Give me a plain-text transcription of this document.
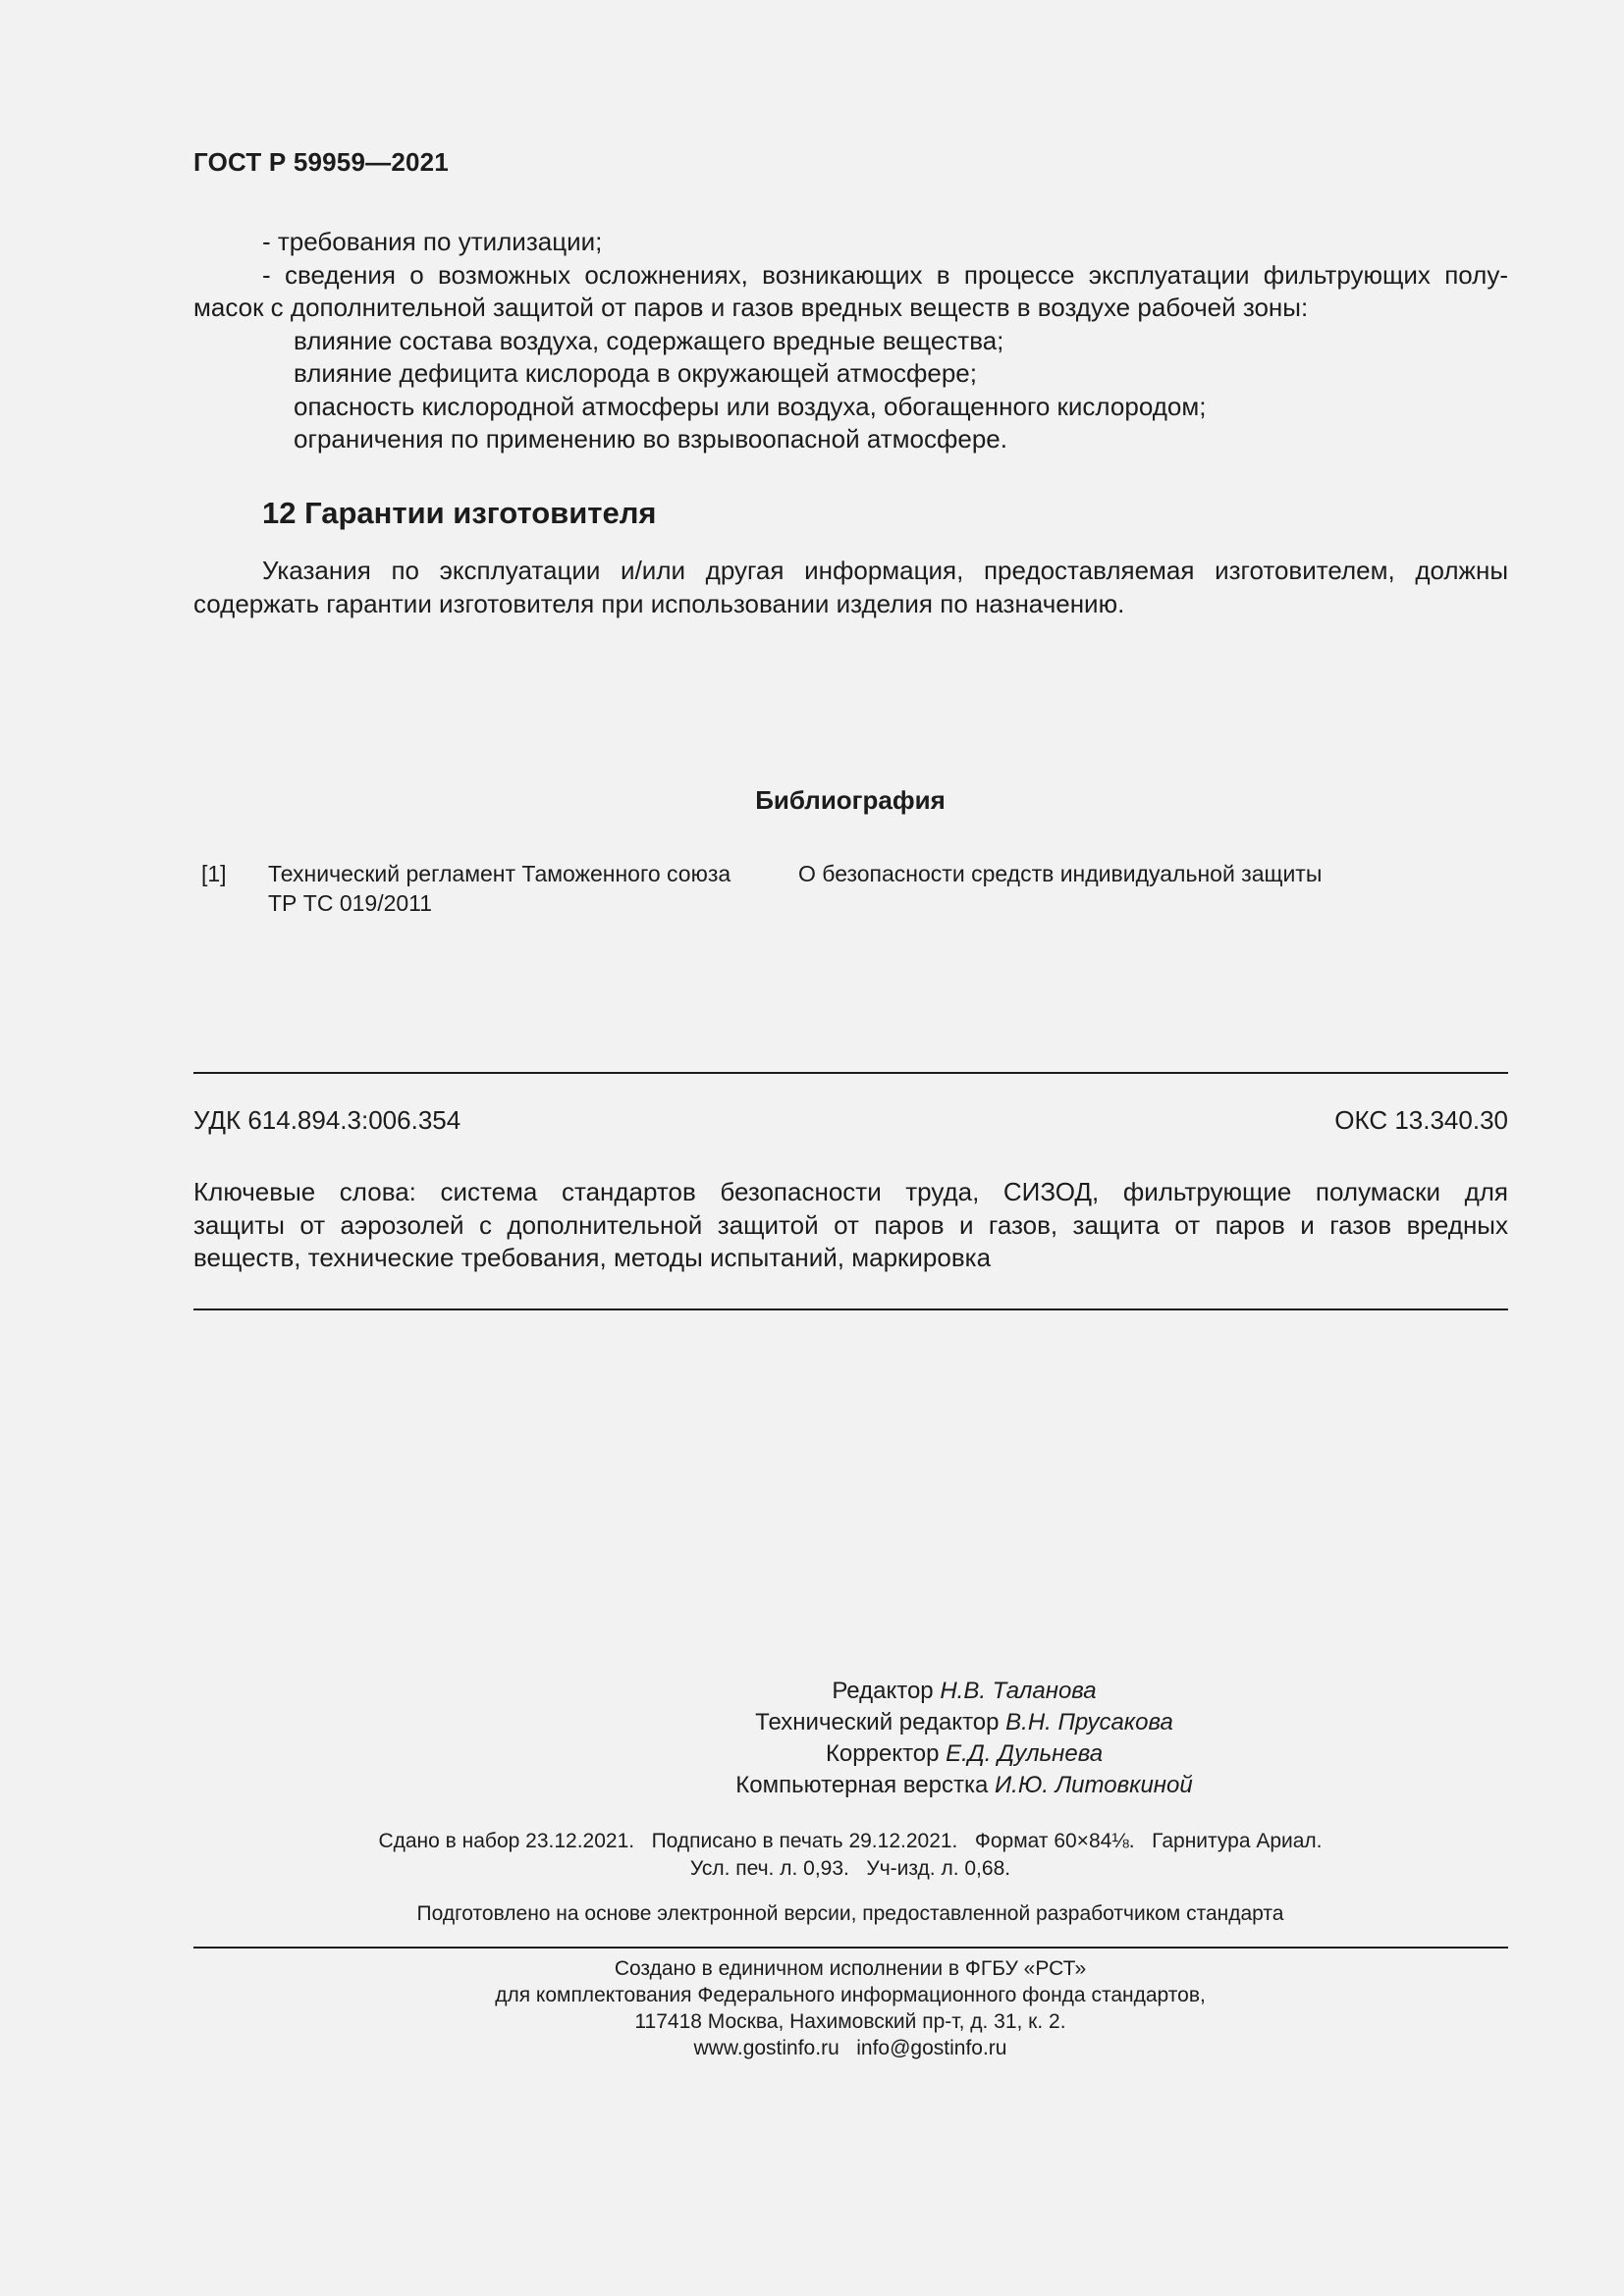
ГОСТ Р 59959—2021
- требования по утилизации;
- сведения о возможных осложнениях, возникающих в процессе эксплуатации фильтрующих полу-
масок с дополнительной защитой от паров и газов вредных веществ в воздухе рабочей зоны:
влияние состава воздуха, содержащего вредные вещества;
влияние дефицита кислорода в окружающей атмосфере;
опасность кислородной атмосферы или воздуха, обогащенного кислородом;
ограничения по применению во взрывоопасной атмосфере.
12 Гарантии изготовителя
Указания по эксплуатации и/или другая информация, предоставляемая изготовителем, должны
содержать гарантии изготовителя при использовании изделия по назначению.
Библиография
[1] Технический регламент Таможенного союза	О безопасности средств индивидуальной защиты
ТР ТС 019/2011
УДК 614.894.3:006.354	ОКС 13.340.30
Ключевые слова: система стандартов безопасности труда, СИЗОД, фильтрующие полумаски для
защиты от аэрозолей с дополнительной защитой от паров и газов, защита от паров и газов вредных
веществ, технические требования, методы испытаний, маркировка
Редактор Н.В. Таланова
Технический редактор В.Н. Прусакова
Корректор Е.Д. Дульнева
Компьютерная верстка И.Ю. Литовкиной
Сдано в набор 23.12.2021.   Подписано в печать 29.12.2021.   Формат 60×84⅛.   Гарнитура Ариал.
Усл. печ. л. 0,93.   Уч-изд. л. 0,68.
Подготовлено на основе электронной версии, предоставленной разработчиком стандарта
Создано в единичном исполнении в ФГБУ «РСТ»
для комплектования Федерального информационного фонда стандартов,
117418 Москва, Нахимовский пр-т, д. 31, к. 2.
www.gostinfo.ru   info@gostinfo.ru
